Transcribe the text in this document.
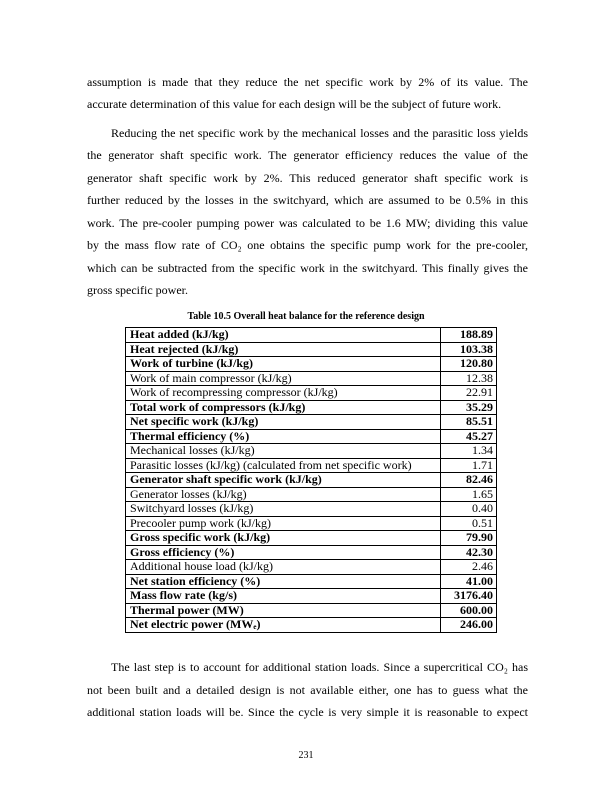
assumption is made that they reduce the net specific work by 2% of its value. The
accurate determination of this value for each design will be the subject of future work.
Reducing the net specific work by the mechanical losses and the parasitic loss yields
the generator shaft specific work. The generator efficiency reduces the value of the
generator shaft specific work by 2%. This reduced generator shaft specific work is
further reduced by the losses in the switchyard, which are assumed to be 0.5% in this
work. The pre-cooler pumping power was calculated to be 1.6 MW; dividing this value
by the mass flow rate of CO₂ one obtains the specific pump work for the pre-cooler,
which can be subtracted from the specific work in the switchyard. This finally gives the
gross specific power.
Table 10.5 Overall heat balance for the reference design
Heat added (kJ/kg)	188.89
Heat rejected (kJ/kg)	103.38
Work of turbine (kJ/kg)	120.80
Work of main compressor (kJ/kg)	12.38
Work of recompressing compressor (kJ/kg)	22.91
Total work of compressors (kJ/kg)	35.29
Net specific work (kJ/kg)	85.51
Thermal efficiency (%)	45.27
Mechanical losses (kJ/kg)	1.34
Parasitic losses (kJ/kg) (calculated from net specific work)	1.71
Generator shaft specific work (kJ/kg)	82.46
Generator losses (kJ/kg)	1.65
Switchyard losses (kJ/kg)	0.40
Precooler pump work (kJ/kg)	0.51
Gross specific work (kJ/kg)	79.90
Gross efficiency (%)	42.30
Additional house load (kJ/kg)	2.46
Net station efficiency (%)	41.00
Mass flow rate (kg/s)	3176.40
Thermal power (MW)	600.00
Net electric power (MWₑ)	246.00
The last step is to account for additional station loads. Since a supercritical CO₂ has
not been built and a detailed design is not available either, one has to guess what the
additional station loads will be. Since the cycle is very simple it is reasonable to expect
231
